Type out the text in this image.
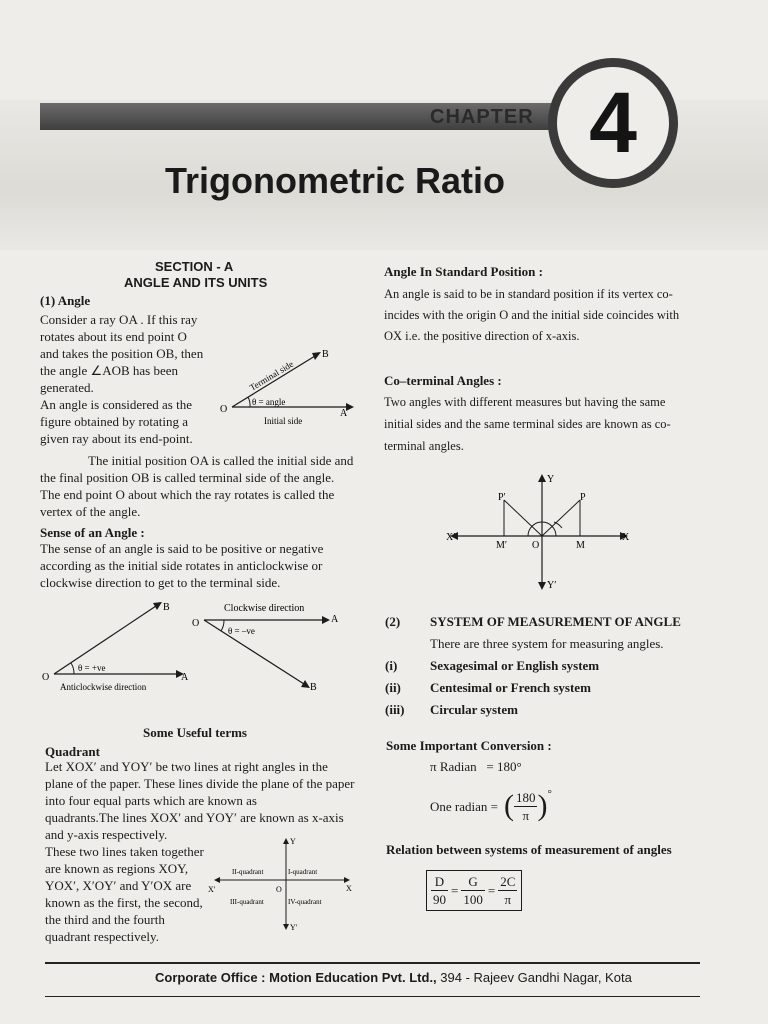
CHAPTER 4
Trigonometric Ratio
SECTION - A
ANGLE AND ITS UNITS
(1) Angle
Consider a ray OA . If this ray
rotates about its end point O
and takes the position OB, then
the angle ∠AOB has been
generated.
An angle is considered as the
figure obtained by rotating a
given ray about its end-point.
O	A
B
θ = angle
Initial side
Terminal side
The initial position OA is called the initial side and
the final position OB is called terminal side of the angle.
The end point O about which the ray rotates is called the
vertex of the angle.
Sense of an Angle :
The sense of an angle is said to be positive or negative
according as the initial side rotates in anticlockwise or
clockwise direction to get to the terminal side.
O	A
B
θ = +ve
Anticlockwise direction
O	A
B
Clockwise direction
θ = –ve
Some Useful terms
Quadrant
Let XOX′ and YOY′ be two lines at right angles in the
plane of the paper. These lines divide the plane of the paper
into four equal parts which are known as
quadrants.The lines XOX′ and YOY′ are known as x-axis
and y-axis respectively.
These two lines taken together
are known as regions XOY,
YOX′, X′OY′ and Y′OX are
known as the first, the second,
the third and the fourth
quadrant respectively.
Y
Y′
X
X′	O
I-quadrant
II-quadrant
III-quadrant	IV-quadrant
Angle In Standard Position :
An angle is said to be in standard position if its vertex co-
incides with the origin O and the initial side coincides with
OX i.e. the positive direction of x-axis.
Co–terminal Angles :
Two angles with different measures but having the same
initial sides and the same terminal sides are known as co-
terminal angles.
Y
Y′
X
X′
O	M
M′
P
P′
(2) SYSTEM OF MEASUREMENT OF ANGLE
There are three system for measuring angles.
(i)	Sexagesimal or English system
(ii) Centesimal or French system
(iii) Circular system
Some Important Conversion :
π Radian   = 180°
One radian = ( $\frac{180}{\pi}$ ) °
Relation between systems of measurement of angles
$\frac{D}{90} = \frac{G}{100} = \frac{2C}{\pi}$
Corporate Office : Motion Education Pvt. Ltd., 394 - Rajeev Gandhi Nagar, Kota
